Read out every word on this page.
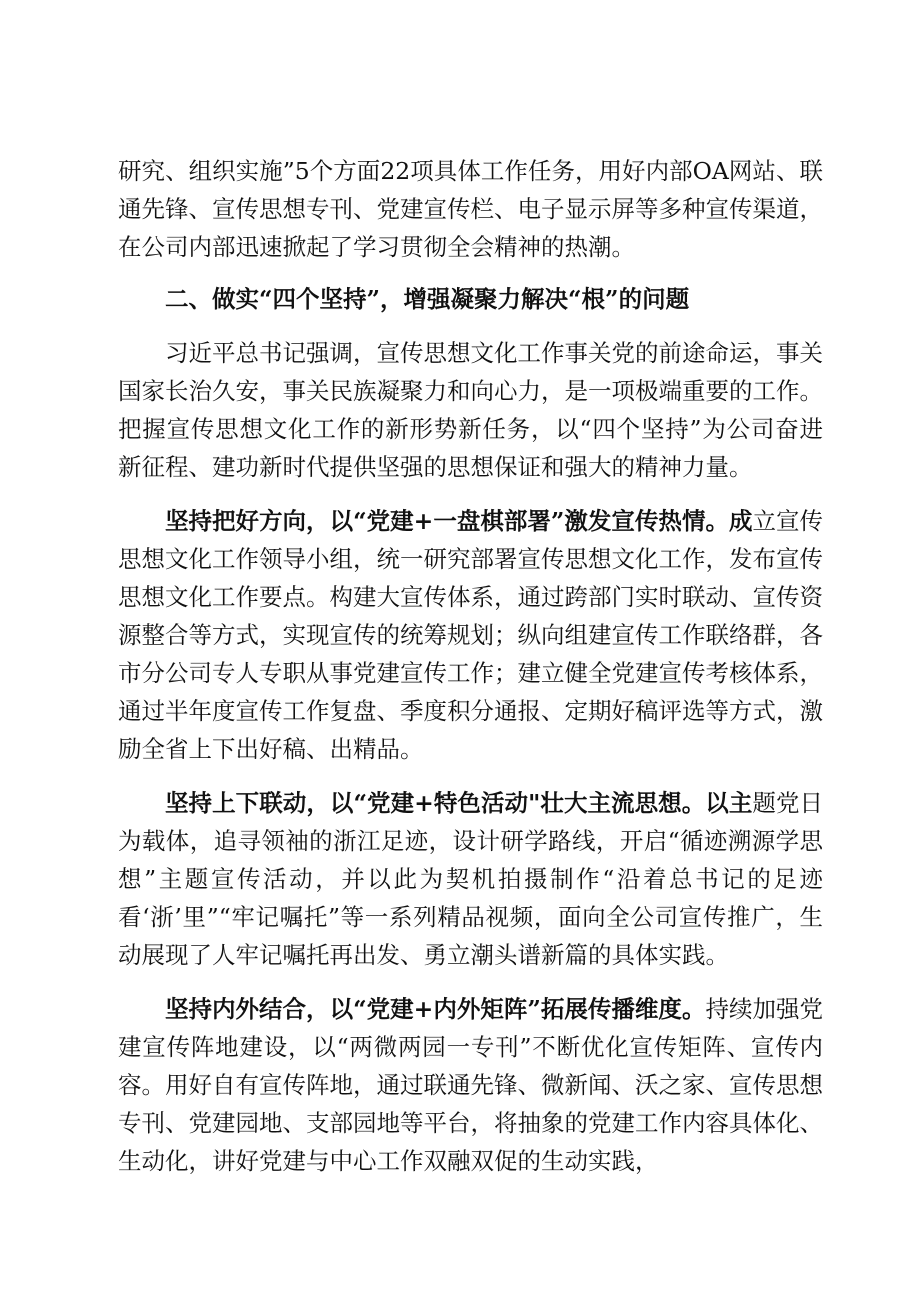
研究、组织实施”5个方面22项具体工作任务，用好内部OA网站、联通先锋、宣传思想专刊、党建宣传栏、电子显示屏等多种宣传渠道，在公司内部迅速掀起了学习贯彻全会精神的热潮。

二、做实“四个坚持”，增强凝聚力解决“根”的问题

习近平总书记强调，宣传思想文化工作事关党的前途命运，事关国家长治久安，事关民族凝聚力和向心力，是一项极端重要的工作。把握宣传思想文化工作的新形势新任务，以“四个坚持”为公司奋进新征程、建功新时代提供坚强的思想保证和强大的精神力量。

坚持把好方向，以“党建+一盘棋部署”激发宣传热情。成立宣传思想文化工作领导小组，统一研究部署宣传思想文化工作，发布宣传思想文化工作要点。构建大宣传体系，通过跨部门实时联动、宣传资源整合等方式，实现宣传的统筹规划；纵向组建宣传工作联络群，各市分公司专人专职从事党建宣传工作；建立健全党建宣传考核体系，通过半年度宣传工作复盘、季度积分通报、定期好稿评选等方式，激励全省上下出好稿、出精品。

坚持上下联动，以“党建+特色活动"壮大主流思想。以主题党日为载体，追寻领袖的浙江足迹，设计研学路线，开启“循迹溯源学思想”主题宣传活动，并以此为契机拍摄制作“沿着总书记的足迹看‘浙’里”“牢记嘱托”等一系列精品视频，面向全公司宣传推广，生动展现了人牢记嘱托再出发、勇立潮头谱新篇的具体实践。

坚持内外结合，以“党建+内外矩阵”拓展传播维度。持续加强党建宣传阵地建设，以“两微两园一专刊”不断优化宣传矩阵、宣传内容。用好自有宣传阵地，通过联通先锋、微新闻、沃之家、宣传思想专刊、党建园地、支部园地等平台，将抽象的党建工作内容具体化、生动化，讲好党建与中心工作双融双促的生动实践，
